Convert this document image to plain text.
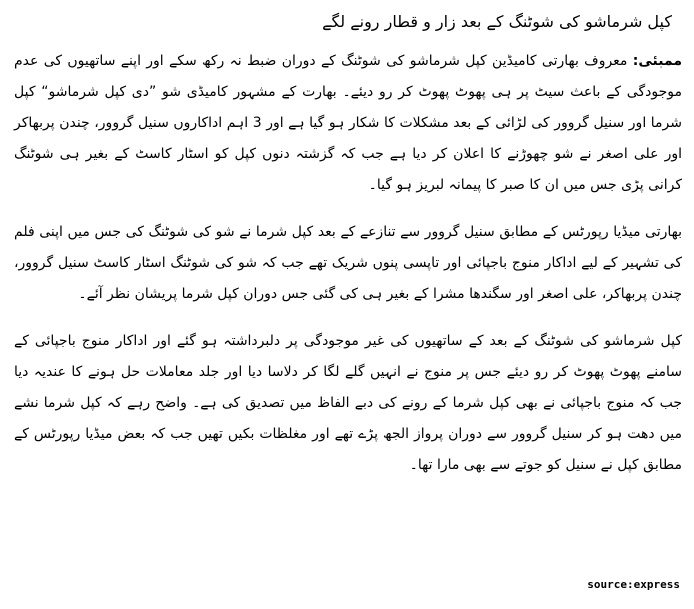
کپل شرماشو کی شوٹنگ کے بعد زار و قطار رونے لگے

ممبئی: معروف بھارتی کامیڈین کپل شرماشو کی شوٹنگ کے دوران ضبط نہ رکھ سکے اور اپنے ساتھیوں کی عدم موجودگی کے باعث سیٹ پر ہی پھوٹ پھوٹ کر رو دیئے۔ بھارت کے مشہور کامیڈی شو ”دی کپل شرماشو“ کپل شرما اور سنیل گروور کی لڑائی کے بعد مشکلات کا شکار ہو گیا ہے اور 3 اہم اداکاروں سنیل گروور، چندن پربھاکر اور علی اصغر نے شو چھوڑنے کا اعلان کر دیا ہے جب کہ گزشتہ دنوں کپل کو اسٹار کاسٹ کے بغیر ہی شوٹنگ کرانی پڑی جس میں ان کا صبر کا پیمانہ لبریز ہو گیا۔

بھارتی میڈیا رپورٹس کے مطابق سنیل گروور سے تنازعے کے بعد کپل شرما نے شو کی شوٹنگ کی جس میں اپنی فلم کی تشہیر کے لیے اداکار منوج باجپائی اور تاپسی پنوں شریک تھے جب کہ شو کی شوٹنگ اسٹار کاسٹ سنیل گروور، چندن پربھاکر، علی اصغر اور سگندھا مشرا کے بغیر ہی کی گئی جس دوران کپل شرما پریشان نظر آئے۔

کپل شرماشو کی شوٹنگ کے بعد کے ساتھیوں کی غیر موجودگی پر دلبرداشتہ ہو گئے اور اداکار منوج باجپائی کے سامنے پھوٹ پھوٹ کر رو دیئے جس پر منوج نے انہیں گلے لگا کر دلاسا دیا اور جلد معاملات حل ہونے کا عندیہ دیا جب کہ منوج باجپائی نے بھی کپل شرما کے رونے کی دبے الفاظ میں تصدیق کی ہے۔ واضح رہے کہ کپل شرما نشے میں دھت ہو کر سنیل گروور سے دوران پرواز الجھ پڑے تھے اور مغلظات بکیں تھیں جب کہ بعض میڈیا رپورٹس کے مطابق کپل نے سنیل کو جوتے سے بھی مارا تھا۔

source:express
